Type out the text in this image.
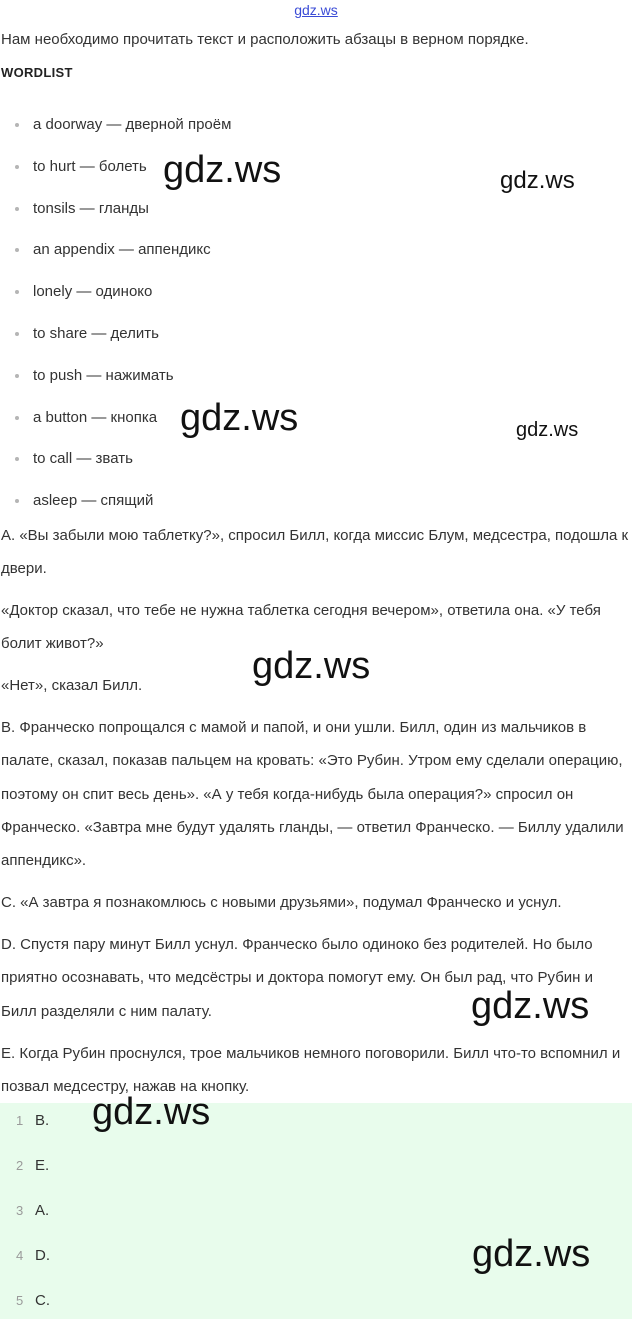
gdz.ws
Нам необходимо прочитать текст и расположить абзацы в верном порядке.
WORDLIST
a doorway — дверной проём
to hurt — болеть
tonsils — гланды
an appendix — аппендикс
lonely — одиноко
to share — делить
to push — нажимать
a button — кнопка
to call — звать
asleep — спящий

A. «Вы забыли мою таблетку?», спросил Билл, когда миссис Блум, медсестра, подошла к двери.

«Доктор сказал, что тебе не нужна таблетка сегодня вечером», ответила она. «У тебя болит живот?»

«Нет», сказал Билл.

B. Франческо попрощался с мамой и папой, и они ушли. Билл, один из мальчиков в палате, сказал, показав пальцем на кровать: «Это Рубин. Утром ему сделали операцию, поэтому он спит весь день». «А у тебя когда-нибудь была операция?» спросил он Франческо. «Завтра мне будут удалять гланды, — ответил Франческо. — Биллу удалили аппендикс».

C. «А завтра я познакомлюсь с новыми друзьями», подумал Франческо и уснул.

D. Спустя пару минут Билл уснул. Франческо было одиноко без родителей. Но было приятно осознавать, что медсёстры и доктора помогут ему. Он был рад, что Рубин и Билл разделяли с ним палату.

E. Когда Рубин проснулся, трое мальчиков немного поговорили. Билл что-то вспомнил и позвал медсестру, нажав на кнопку.

1 B.
2 E.
3 A.
4 D.
5 C.
gdz.ws	gdz.ws
gdz.ws	gdz.ws
gdz.ws
gdz.ws
gdz.ws
gdz.ws
